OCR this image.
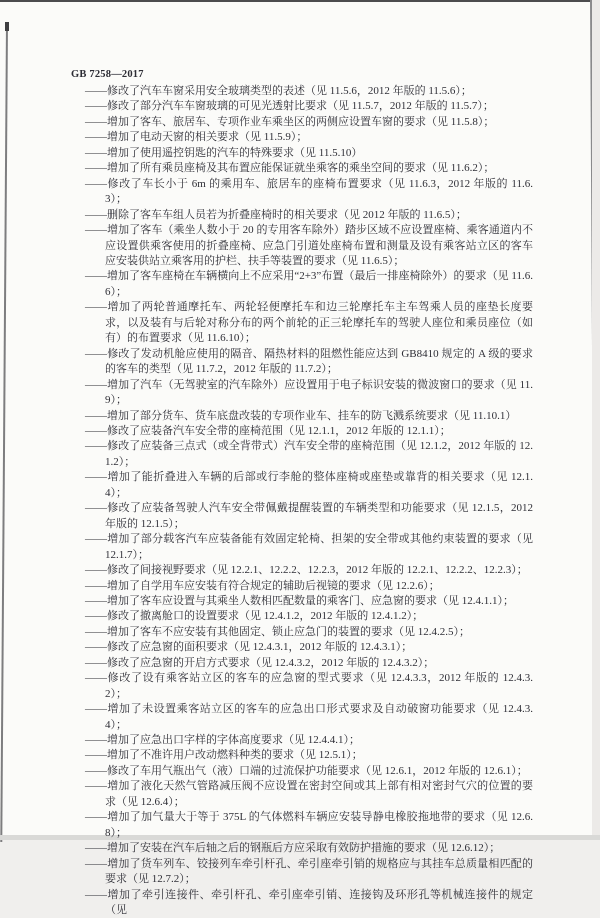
GB 7258—2017
——修改了汽车车窗采用安全玻璃类型的表述（见 11.5.6，2012 年版的 11.5.6）；
——修改了部分汽车车窗玻璃的可见光透射比要求（见 11.5.7，2012 年版的 11.5.7）；
——增加了客车、旅居车、专项作业车乘坐区的两侧应设置车窗的要求（见 11.5.8）；
——增加了电动天窗的相关要求（见 11.5.9）；
——增加了使用遥控钥匙的汽车的特殊要求（见 11.5.10）
——增加了所有乘员座椅及其布置应能保证就坐乘客的乘坐空间的要求（见 11.6.2）；
——修改了车长小于 6m 的乘用车、旅居车的座椅布置要求（见 11.6.3，2012 年版的 11.6.3）；
——删除了客车车组人员若为折叠座椅时的相关要求（见 2012 年版的 11.6.5）；
——增加了客车（乘坐人数小于 20 的专用客车除外）踏步区域不应设置座椅、乘客通道内不应设置供乘客使用的折叠座椅、应急门引道处座椅布置和测量及设有乘客站立区的客车应安装供站立乘客用的护栏、扶手等装置的要求（见 11.6.5）；
——增加了客车座椅在车辆横向上不应采用“2+3”布置（最后一排座椅除外）的要求（见 11.6.6）；
——增加了两轮普通摩托车、两轮轻便摩托车和边三轮摩托车主车驾乘人员的座垫长度要求，以及装有与后轮对称分布的两个前轮的正三轮摩托车的驾驶人座位和乘员座位（如有）的布置要求（见 11.6.10）；
——修改了发动机舱应使用的隔音、隔热材料的阻燃性能应达到 GB8410 规定的 A 级的要求的客车的类型（见 11.7.2，2012 年版的 11.7.2）；
——增加了汽车（无驾驶室的汽车除外）应设置用于电子标识安装的微波窗口的要求（见 11.9）；
——增加了部分货车、货车底盘改装的专项作业车、挂车的防飞溅系统要求（见 11.10.1）
——修改了应装备汽车安全带的座椅范围（见 12.1.1，2012 年版的 12.1.1）；
——修改了应装备三点式（或全背带式）汽车安全带的座椅范围（见 12.1.2，2012 年版的 12.1.2）；
——增加了能折叠进入车辆的后部或行李舱的整体座椅或座垫或靠背的相关要求（见 12.1.4）；
——修改了应装备驾驶人汽车安全带佩戴提醒装置的车辆类型和功能要求（见 12.1.5，2012 年版的 12.1.5）；
——增加了部分载客汽车应装备能有效固定轮椅、担架的安全带或其他约束装置的要求（见 12.1.7）；
——修改了间接视野要求（见 12.2.1、12.2.2、12.2.3，2012 年版的 12.2.1、12.2.2、12.2.3）；
——增加了自学用车应安装有符合规定的辅助后视镜的要求（见 12.2.6）；
——增加了客车应设置与其乘坐人数相匹配数量的乘客门、应急窗的要求（见 12.4.1.1）；
——修改了撤离舱口的设置要求（见 12.4.1.2，2012 年版的 12.4.1.2）；
——增加了客车不应安装有其他固定、锁止应急门的装置的要求（见 12.4.2.5）；
——修改了应急窗的面积要求（见 12.4.3.1，2012 年版的 12.4.3.1）；
——修改了应急窗的开启方式要求（见 12.4.3.2，2012 年版的 12.4.3.2）；
——修改了设有乘客站立区的客车的应急窗的型式要求（见 12.4.3.3，2012 年版的 12.4.3.2）；
——增加了未设置乘客站立区的客车的应急出口形式要求及自动破窗功能要求（见 12.4.3.4）；
——增加了应急出口字样的字体高度要求（见 12.4.4.1）；
——增加了不准许用户改动燃料种类的要求（见 12.5.1）；
——修改了车用气瓶出气（液）口端的过流保护功能要求（见 12.6.1，2012 年版的 12.6.1）；
——增加了液化天然气管路减压阀不应设置在密封空间或其上部有相对密封气穴的位置的要求（见 12.6.4）；
——增加了加气量大于等于 375L 的气体燃料车辆应安装导静电橡胶拖地带的要求（见 12.6.8）；
——增加了安装在汽车后轴之后的钢瓶后方应采取有效防护措施的要求（见 12.6.12）；
——增加了货车列车、铰接列车牵引杆孔、牵引座牵引销的规格应与其挂车总质量相匹配的要求（见 12.7.2）；
——增加了牵引连接件、牵引杆孔、牵引座牵引销、连接钩及环形孔等机械连接件的规定（见
